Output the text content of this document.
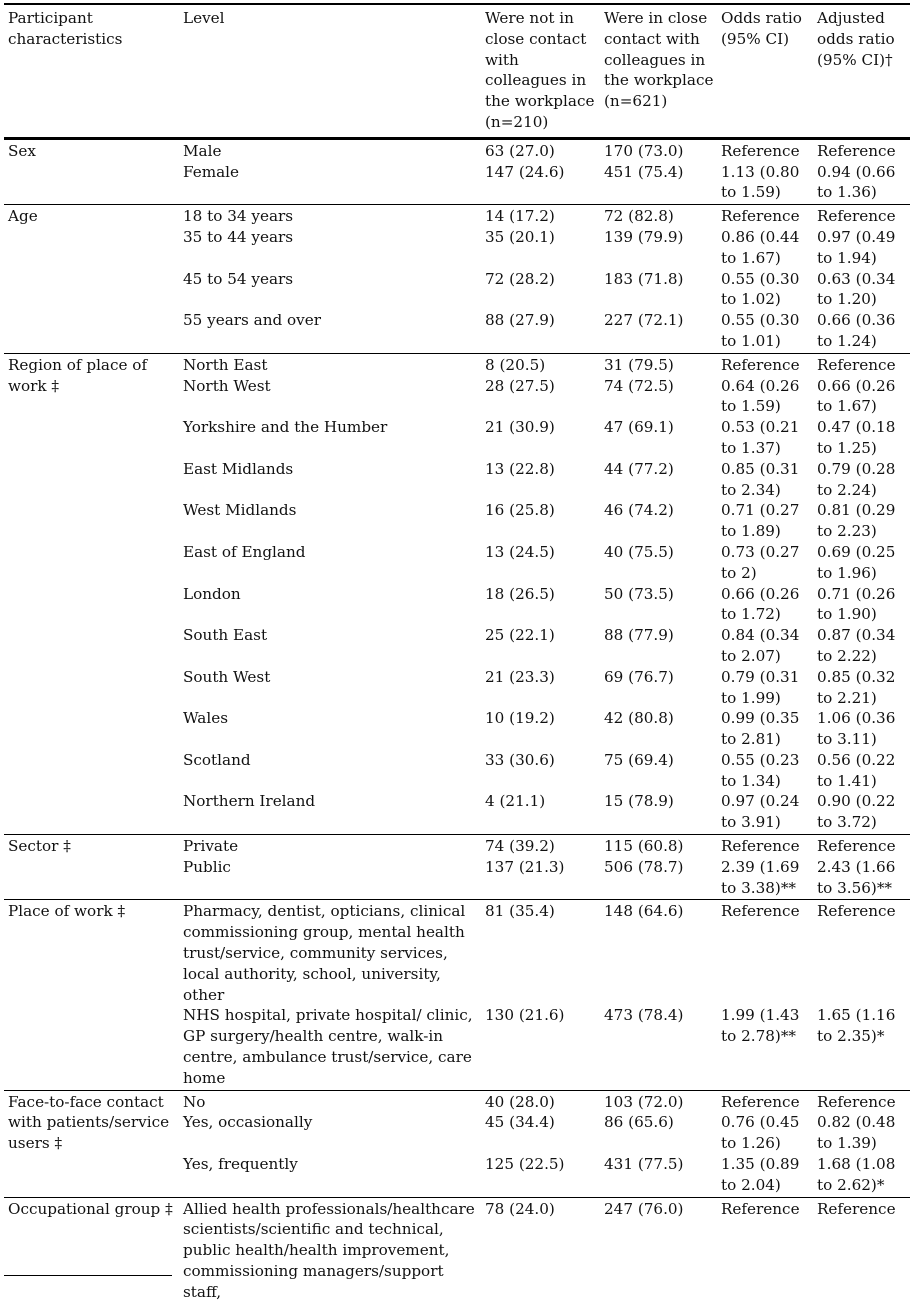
Participant characteristics	Level	Were not in close contact with colleagues in the workplace (n=210)	Were in close contact with colleagues in the workplace (n=621)	Odds ratio (95% CI)	Adjusted odds ratio (95% CI)†
Sex	Male	63 (27.0)	170 (73.0)	Reference	Reference
	Female	147 (24.6)	451 (75.4)	1.13 (0.80 to 1.59)	0.94 (0.66 to 1.36)
Age	18 to 34 years	14 (17.2)	72 (82.8)	Reference	Reference
	35 to 44 years	35 (20.1)	139 (79.9)	0.86 (0.44 to 1.67)	0.97 (0.49 to 1.94)
	45 to 54 years	72 (28.2)	183 (71.8)	0.55 (0.30 to 1.02)	0.63 (0.34 to 1.20)
	55 years and over	88 (27.9)	227 (72.1)	0.55 (0.30 to 1.01)	0.66 (0.36 to 1.24)
Region of place of work ‡	North East	8 (20.5)	31 (79.5)	Reference	Reference
	North West	28 (27.5)	74 (72.5)	0.64 (0.26 to 1.59)	0.66 (0.26 to 1.67)
	Yorkshire and the Humber	21 (30.9)	47 (69.1)	0.53 (0.21 to 1.37)	0.47 (0.18 to 1.25)
	East Midlands	13 (22.8)	44 (77.2)	0.85 (0.31 to 2.34)	0.79 (0.28 to 2.24)
	West Midlands	16 (25.8)	46 (74.2)	0.71 (0.27 to 1.89)	0.81 (0.29 to 2.23)
	East of England	13 (24.5)	40 (75.5)	0.73 (0.27 to 2)	0.69 (0.25 to 1.96)
	London	18 (26.5)	50 (73.5)	0.66 (0.26 to 1.72)	0.71 (0.26 to 1.90)
	South East	25 (22.1)	88 (77.9)	0.84 (0.34 to 2.07)	0.87 (0.34 to 2.22)
	South West	21 (23.3)	69 (76.7)	0.79 (0.31 to 1.99)	0.85 (0.32 to 2.21)
	Wales	10 (19.2)	42 (80.8)	0.99 (0.35 to 2.81)	1.06 (0.36 to 3.11)
	Scotland	33 (30.6)	75 (69.4)	0.55 (0.23 to 1.34)	0.56 (0.22 to 1.41)
	Northern Ireland	4 (21.1)	15 (78.9)	0.97 (0.24 to 3.91)	0.90 (0.22 to 3.72)
Sector ‡	Private	74 (39.2)	115 (60.8)	Reference	Reference
	Public	137 (21.3)	506 (78.7)	2.39 (1.69 to 3.38)**	2.43 (1.66 to 3.56)**
Place of work ‡	Pharmacy, dentist, opticians, clinical commissioning group, mental health trust/service, community services, local authority, school, university, other	81 (35.4)	148 (64.6)	Reference	Reference
	NHS hospital, private hospital/ clinic, GP surgery/health centre, walk-in centre, ambulance trust/service, care home	130 (21.6)	473 (78.4)	1.99 (1.43 to 2.78)**	1.65 (1.16 to 2.35)*
Face-to-face contact with patients/service users ‡	No	40 (28.0)	103 (72.0)	Reference	Reference
	Yes, occasionally	45 (34.4)	86 (65.6)	0.76 (0.45 to 1.26)	0.82 (0.48 to 1.39)
	Yes, frequently	125 (22.5)	431 (77.5)	1.35 (0.89 to 2.04)	1.68 (1.08 to 2.62)*
Occupational group ‡	Allied health professionals/healthcare scientists/scientific and technical, public health/health improvement, commissioning managers/support staff,	78 (24.0)	247 (76.0)	Reference	Reference
